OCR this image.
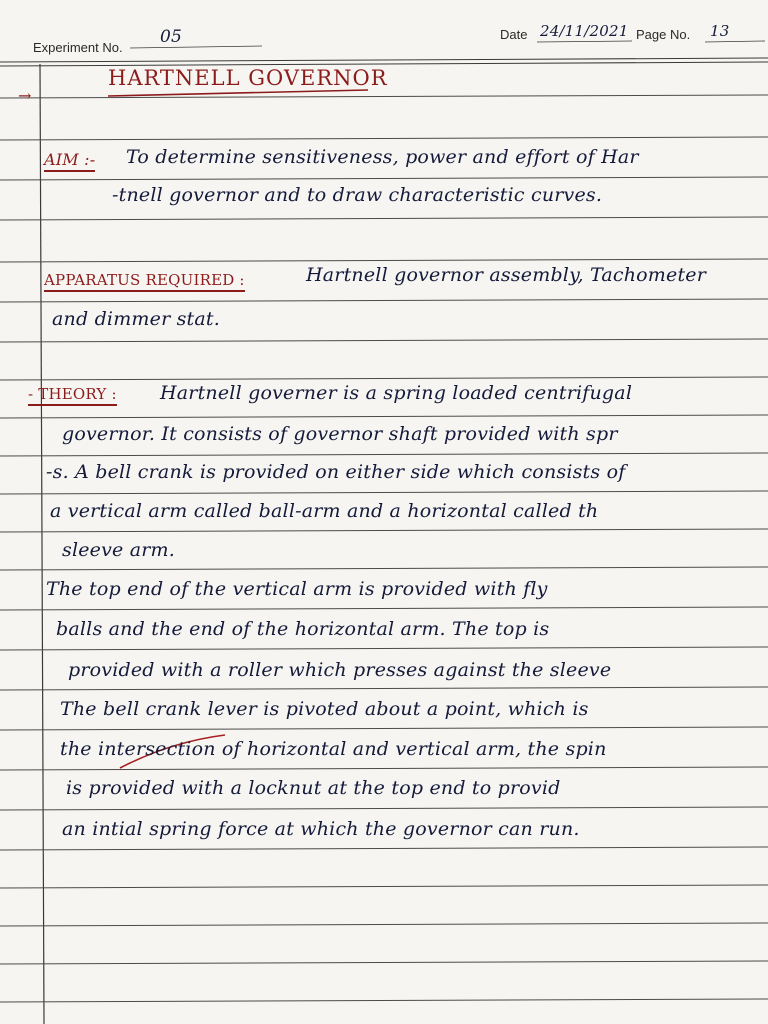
Experiment No.
05	Date 24/11/2021 Page No. 13
→
HARTNELL GOVERNOR
AIM :- To determine sensitiveness, power and effort of Har
-tnell governor and to draw characteristic curves.
APPARATUS REQUIRED :	Hartnell governor assembly, Tachometer
and dimmer stat.
- THEORY : Hartnell governer is a spring loaded centrifugal
governor. It consists of governor shaft provided with spr
-s. A bell crank is provided on either side which consists of
a vertical arm called ball-arm and a horizontal called th
sleeve arm.
The top end of the vertical arm is provided with fly
balls and the end of the horizontal arm. The top is
provided with a roller which presses against the sleeve
The bell crank lever is pivoted about a point, which is
the intersection of horizontal and vertical arm, the spin
is provided with a locknut at the top end to provid
an intial spring force at which the governor can run.
